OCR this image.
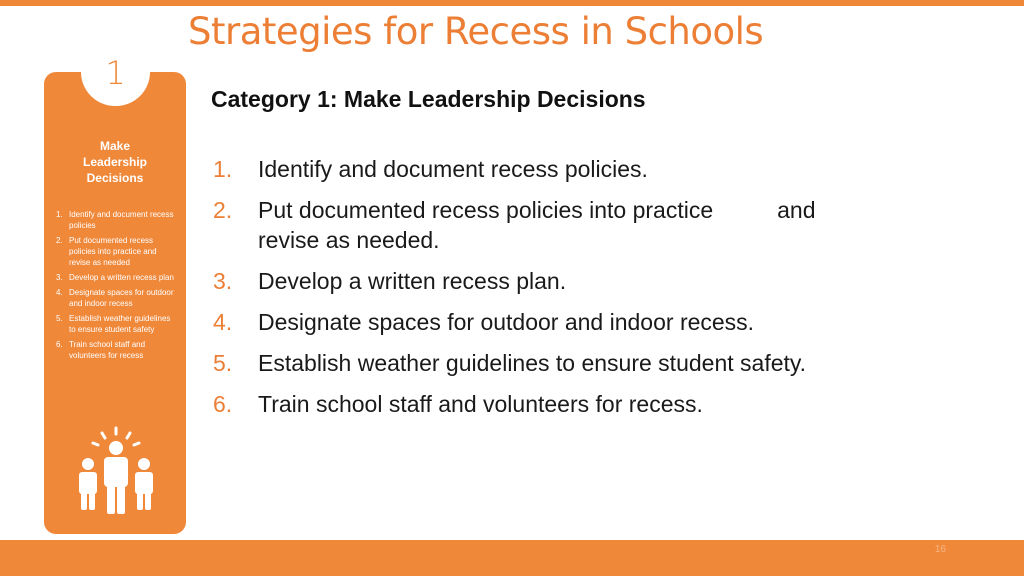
Strategies for Recess in Schools
1
Make
Leadership
Decisions
1. Identify and document recess policies
2. Put documented recess policies into practice and revise as needed
3. Develop a written recess plan
4. Designate spaces for outdoor and indoor recess
5. Establish weather guidelines to ensure student safety
6. Train school staff and volunteers for recess
Category 1: Make Leadership Decisions
1.	Identify and document recess policies.
2.	Put documented recess policies into practice	and
revise as needed.
3.	Develop a written recess plan.
4.	Designate spaces for outdoor and indoor recess.
5.	Establish weather guidelines to ensure student safety.
6.	Train school staff and volunteers for recess.
16
